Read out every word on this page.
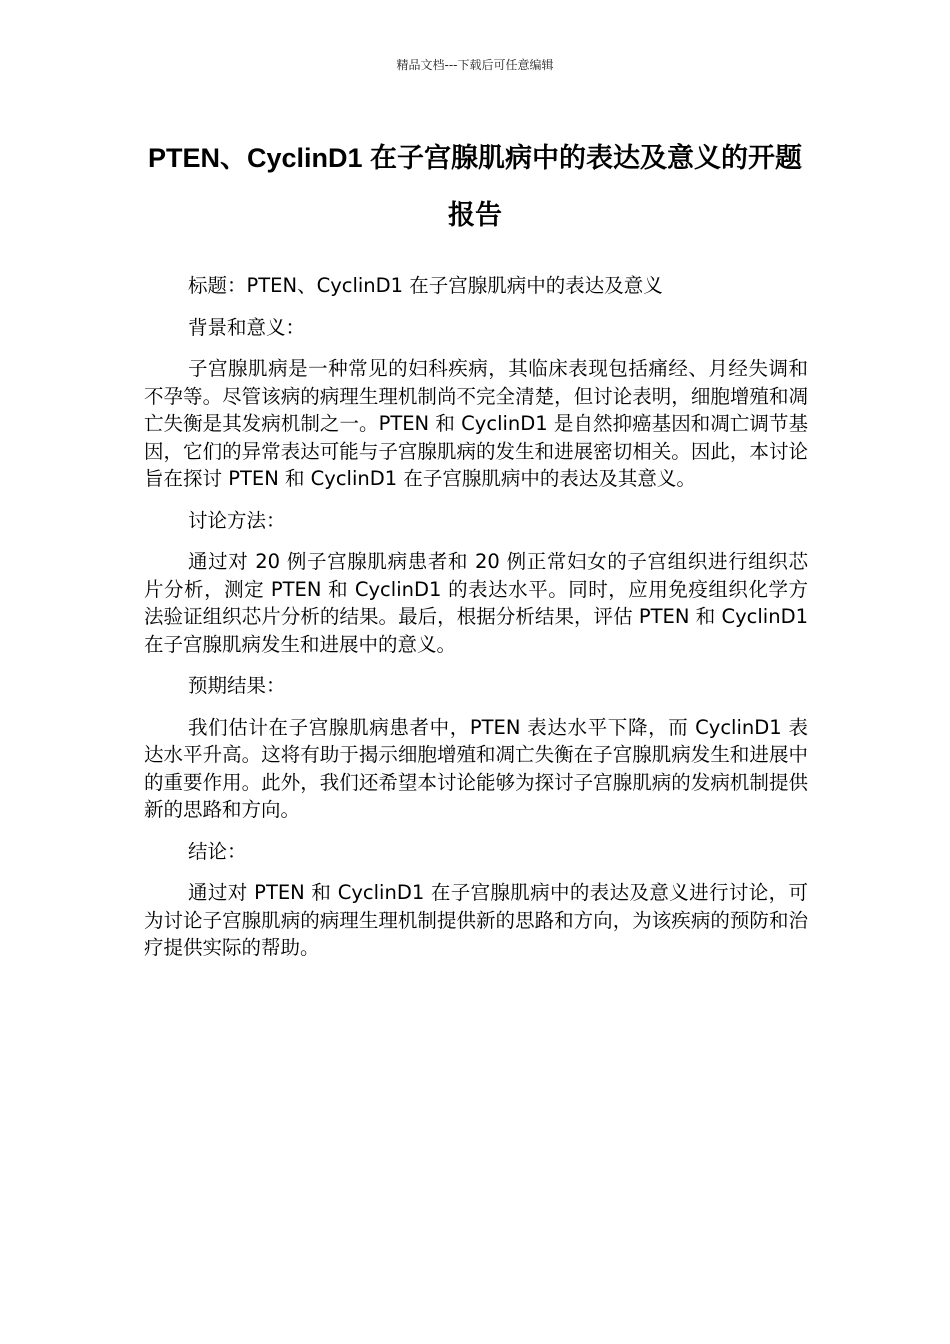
精品文档---下载后可任意编辑
PTEN、CyclinD1 在子宫腺肌病中的表达及意义的开题报告

标题：PTEN、CyclinD1 在子宫腺肌病中的表达及意义

背景和意义：

子宫腺肌病是一种常见的妇科疾病，其临床表现包括痛经、月经失调和不孕等。尽管该病的病理生理机制尚不完全清楚，但讨论表明，细胞增殖和凋亡失衡是其发病机制之一。PTEN 和 CyclinD1 是自然抑癌基因和凋亡调节基因，它们的异常表达可能与子宫腺肌病的发生和进展密切相关。因此，本讨论旨在探讨 PTEN 和 CyclinD1 在子宫腺肌病中的表达及其意义。

讨论方法：

通过对 20 例子宫腺肌病患者和 20 例正常妇女的子宫组织进行组织芯片分析，测定 PTEN 和 CyclinD1 的表达水平。同时，应用免疫组织化学方法验证组织芯片分析的结果。最后，根据分析结果，评估 PTEN 和 CyclinD1 在子宫腺肌病发生和进展中的意义。

预期结果：

我们估计在子宫腺肌病患者中，PTEN 表达水平下降，而 CyclinD1 表达水平升高。这将有助于揭示细胞增殖和凋亡失衡在子宫腺肌病发生和进展中的重要作用。此外，我们还希望本讨论能够为探讨子宫腺肌病的发病机制提供新的思路和方向。

结论：

通过对 PTEN 和 CyclinD1 在子宫腺肌病中的表达及意义进行讨论，可为讨论子宫腺肌病的病理生理机制提供新的思路和方向，为该疾病的预防和治疗提供实际的帮助。
